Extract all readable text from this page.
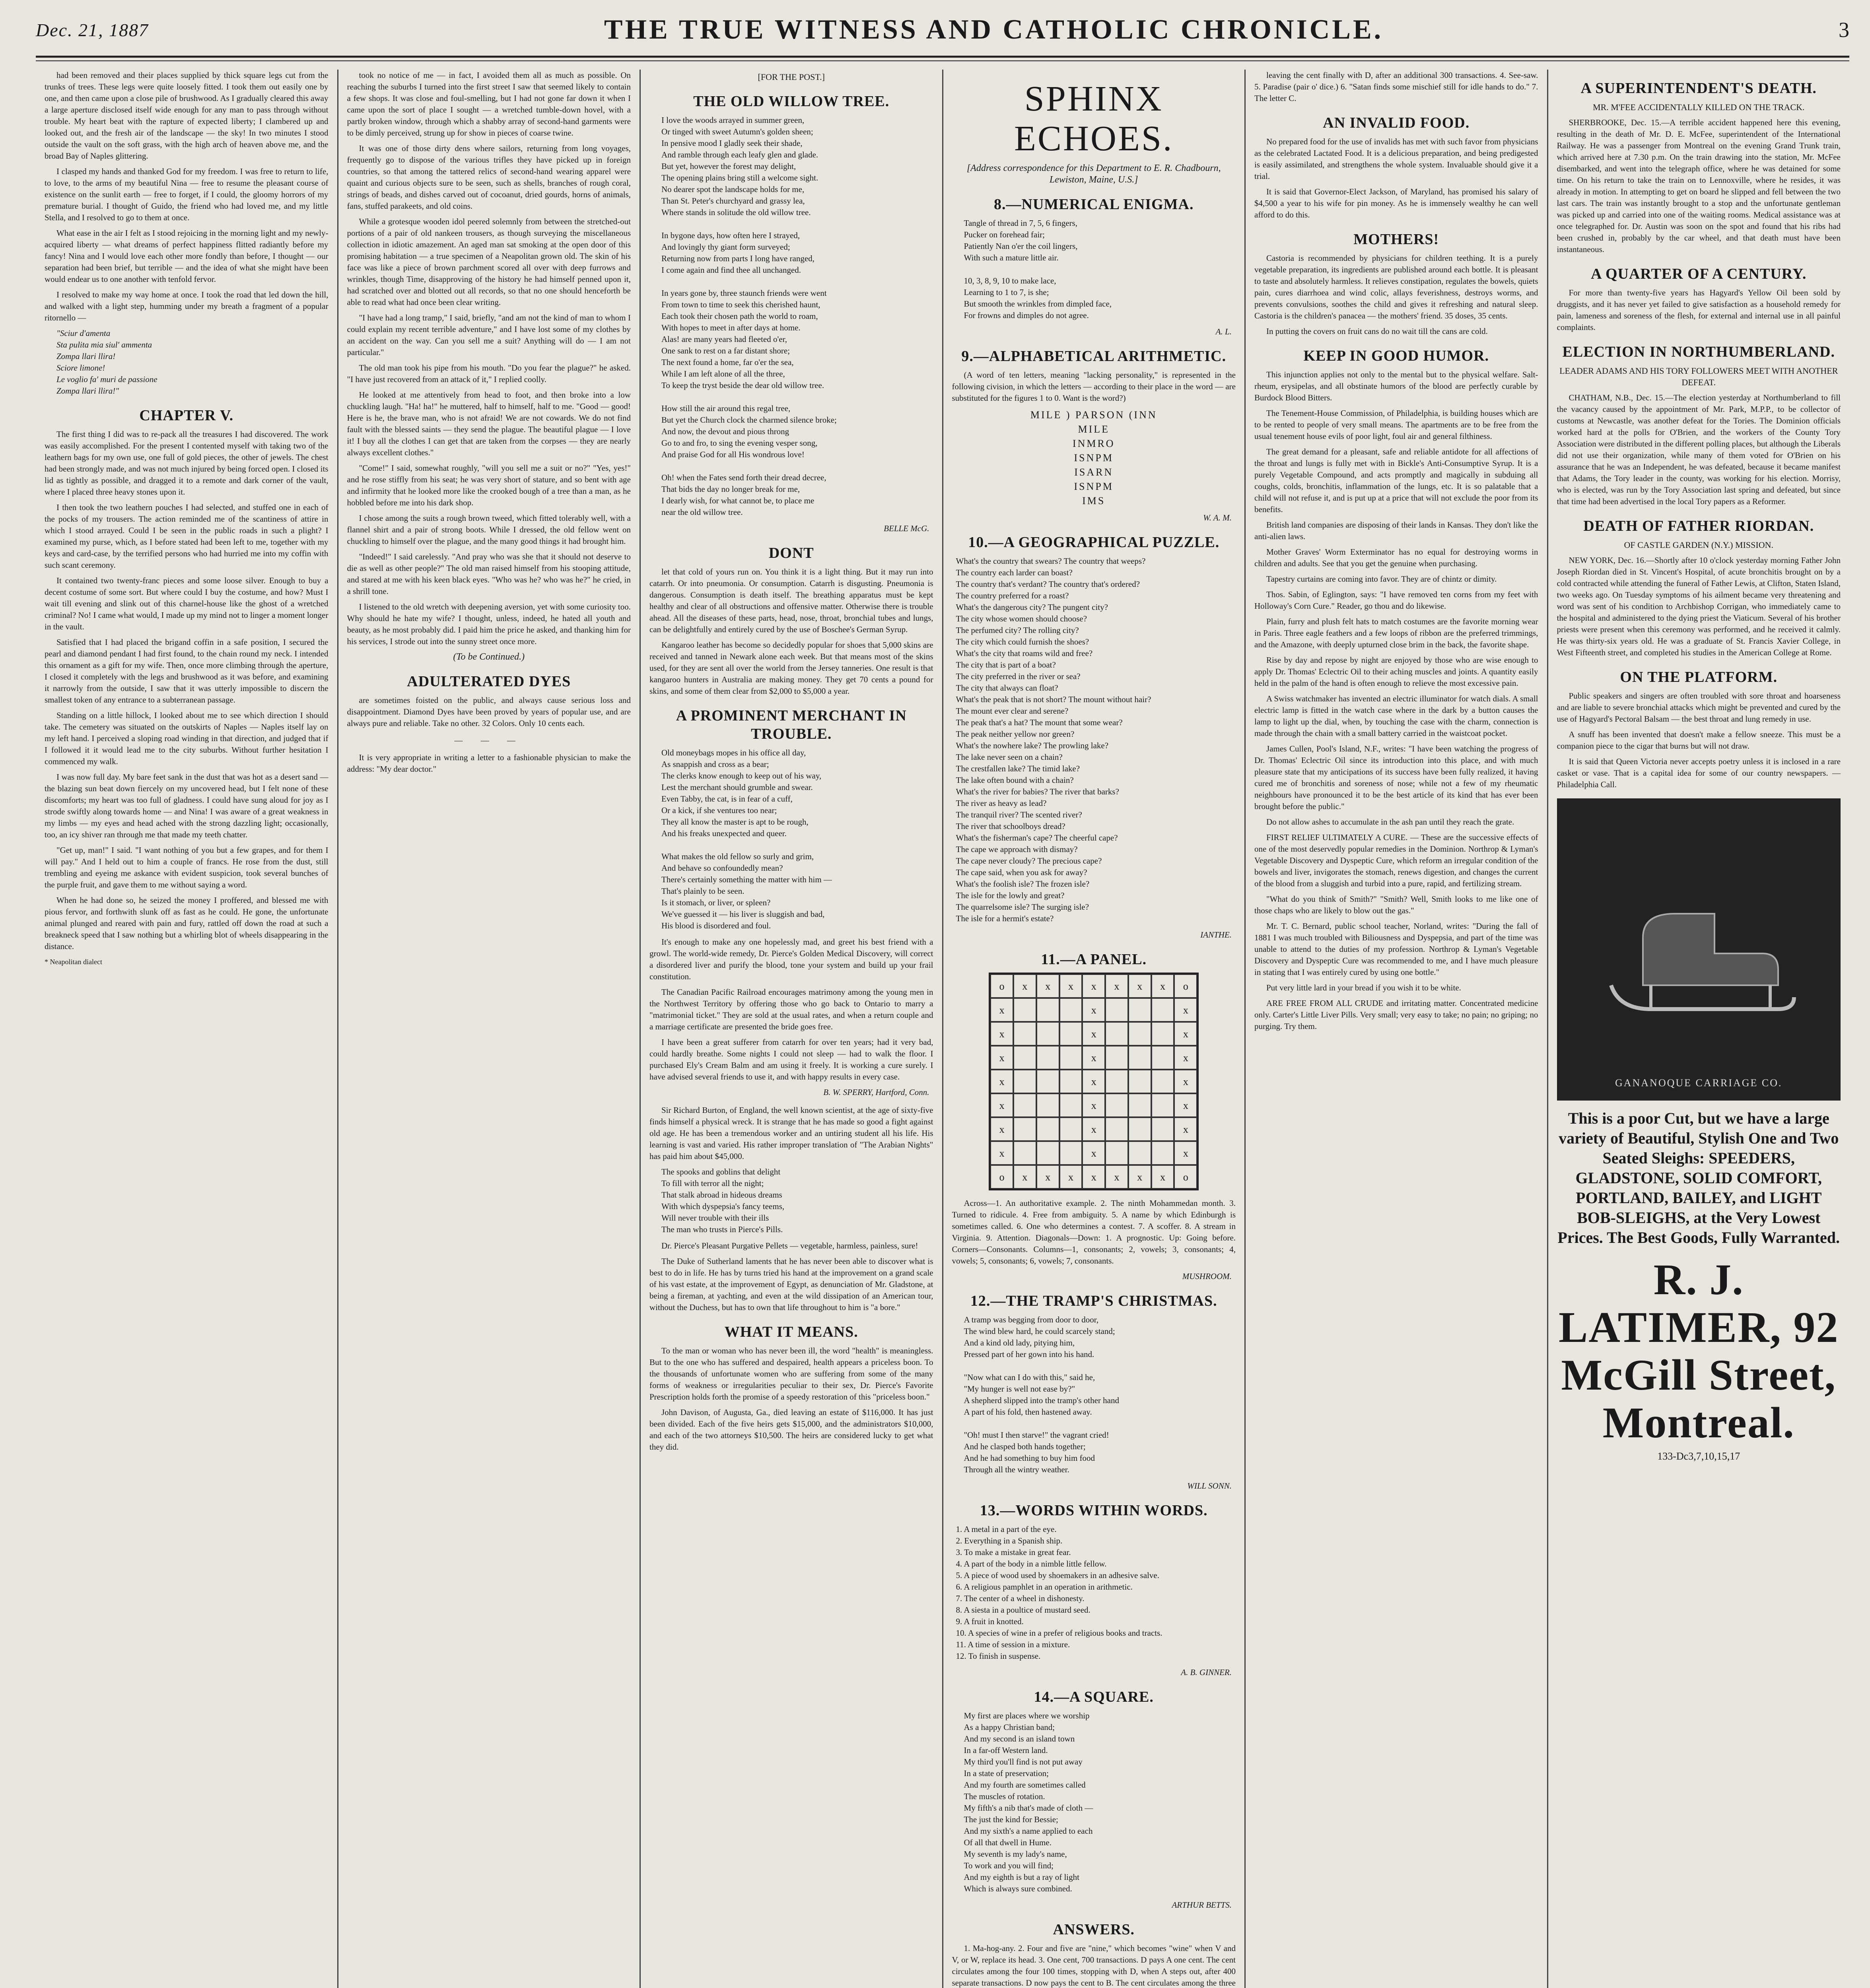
Dec. 21, 1887	THE TRUE WITNESS AND CATHOLIC CHRONICLE.	3

had been removed and their places supplied by thick square legs cut from the trunks of trees. These legs were quite loosely fitted. I took them out easily one by one, and then came upon a close pile of brushwood. As I gradually cleared this away a large aperture disclosed itself wide enough for any man to pass through without trouble. My heart beat with the rapture of expected liberty; I clambered up and looked out, and the fresh air of the landscape — the sky! In two minutes I stood outside the vault on the soft grass, with the high arch of heaven above me, and the broad Bay of Naples glittering.

I clasped my hands and thanked God for my freedom. I was free to return to life, to love, to the arms of my beautiful Nina — free to resume the pleasant course of existence on the sunlit earth — free to forget, if I could, the gloomy horrors of my premature burial. I thought of Guido, the friend who had loved me, and my little Stella, and I resolved to go to them at once.

What ease in the air I felt as I stood rejoicing in the morning light and my newly-acquired liberty — what dreams of perfect happiness flitted radiantly before my fancy! Nina and I would love each other more fondly than before, I thought — our separation had been brief, but terrible — and the idea of what she might have been would endear us to one another with tenfold fervor.

I resolved to make my way home at once. I took the road that led down the hill, and walked with a light step, humming under my breath a fragment of a popular ritornello —

"Sciur d'amenta
Sta pulita mia siul' ammenta
Zompa llari llira!
Sciore limone!
Le voglio fa' muri de passione
Zompa llari llira!"

CHAPTER V.

The first thing I did was to re-pack all the treasures I had discovered. The work was easily accomplished. For the present I contented myself with taking two of the leathern bags for my own use, one full of gold pieces, the other of jewels. The chest had been strongly made, and was not much injured by being forced open. I closed its lid as tightly as possible, and dragged it to a remote and dark corner of the vault, where I placed three heavy stones upon it.

I then took the two leathern pouches I had selected, and stuffed one in each of the pocks of my trousers. The action reminded me of the scantiness of attire in which I stood arrayed. Could I be seen in the public roads in such a plight? I examined my purse, which, as I before stated had been left to me, together with my keys and card-case, by the terrified persons who had hurried me into my coffin with such scant ceremony.

It contained two twenty-franc pieces and some loose silver. Enough to buy a decent costume of some sort. But where could I buy the costume, and how? Must I wait till evening and slink out of this charnel-house like the ghost of a wretched criminal? No! I came what would, I made up my mind not to linger a moment longer in the vault.

Satisfied that I had placed the brigand coffin in a safe position, I secured the pearl and diamond pendant I had first found, to the chain round my neck. I intended this ornament as a gift for my wife. Then, once more climbing through the aperture, I closed it completely with the legs and brushwood as it was before, and examining it narrowly from the outside, I saw that it was utterly impossible to discern the smallest token of any entrance to a subterranean passage.

Standing on a little hillock, I looked about me to see which direction I should take. The cemetery was situated on the outskirts of Naples — Naples itself lay on my left hand. I perceived a sloping road winding in that direction, and judged that if I followed it it would lead me to the city suburbs. Without further hesitation I commenced my walk.

I was now full day. My bare feet sank in the dust that was hot as a desert sand — the blazing sun beat down fiercely on my uncovered head, but I felt none of these discomforts; my heart was too full of gladness. I could have sung aloud for joy as I strode swiftly along towards home — and Nina! I was aware of a great weakness in my limbs — my eyes and head ached with the strong dazzling light; occasionally, too, an icy shiver ran through me that made my teeth chatter.

"Get up, man!" I said. "I want nothing of you but a few grapes, and for them I will pay." And I held out to him a couple of francs. He rose from the dust, still trembling and eyeing me askance with evident suspicion, took several bunches of the purple fruit, and gave them to me without saying a word.

When he had done so, he seized the money I proffered, and blessed me with pious fervor, and forthwith slunk off as fast as he could. He gone, the unfortunate animal plunged and reared with pain and fury, rattled off down the road at such a breakneck speed that I saw nothing but a whirling blot of wheels disappearing in the distance.

* Neapolitan dialect

took no notice of me — in fact, I avoided them all as much as possible. On reaching the suburbs I turned into the first street I saw that seemed likely to contain a few shops. It was close and foul-smelling, but I had not gone far down it when I came upon the sort of place I sought — a wretched tumble-down hovel, with a partly broken window, through which a shabby array of second-hand garments were to be dimly perceived, strung up for show in pieces of coarse twine.

It was one of those dirty dens where sailors, returning from long voyages, frequently go to dispose of the various trifles they have picked up in foreign countries, so that among the tattered relics of second-hand wearing apparel were quaint and curious objects sure to be seen, such as shells, branches of rough coral, strings of beads, and dishes carved out of cocoanut, dried gourds, horns of animals, fans, stuffed parakeets, and old coins.

While a grotesque wooden idol peered solemnly from between the stretched-out portions of a pair of old nankeen trousers, as though surveying the miscellaneous collection in idiotic amazement. An aged man sat smoking at the open door of this promising habitation — a true specimen of a Neapolitan grown old. The skin of his face was like a piece of brown parchment scored all over with deep furrows and wrinkles, though Time, disapproving of the history he had himself penned upon it, had scratched over and blotted out all records, so that no one should henceforth be able to read what had once been clear writing.

"I have had a long tramp," I said, briefly, "and am not the kind of man to whom I could explain my recent terrible adventure," and I have lost some of my clothes by an accident on the way. Can you sell me a suit? Anything will do — I am not particular."

The old man took his pipe from his mouth. "Do you fear the plague?" he asked. "I have just recovered from an attack of it," I replied coolly.

He looked at me attentively from head to foot, and then broke into a low chuckling laugh. "Ha! ha!" he muttered, half to himself, half to me. "Good — good! Here is he, the brave man, who is not afraid! We are not cowards. We do not find fault with the blessed saints — they send the plague. The beautiful plague — I love it! I buy all the clothes I can get that are taken from the corpses — they are nearly always excellent clothes."

"Come!" I said, somewhat roughly, "will you sell me a suit or no?" "Yes, yes!" and he rose stiffly from his seat; he was very short of stature, and so bent with age and infirmity that he looked more like the crooked bough of a tree than a man, as he hobbled before me into his dark shop.

I chose among the suits a rough brown tweed, which fitted tolerably well, with a flannel shirt and a pair of strong boots. While I dressed, the old fellow went on chuckling to himself over the plague, and the many good things it had brought him.

"Indeed!" I said carelessly. "And pray who was she that it should not deserve to die as well as other people?" The old man raised himself from his stooping attitude, and stared at me with his keen black eyes. "Who was he? who was he?" he cried, in a shrill tone.

I listened to the old wretch with deepening aversion, yet with some curiosity too. Why should he hate my wife? I thought, unless, indeed, he hated all youth and beauty, as he most probably did. I paid him the price he asked, and thanking him for his services, I strode out into the sunny street once more.

(To be Continued.)
ADULTERATED DYES

are sometimes foisted on the public, and always cause serious loss and disappointment. Diamond Dyes have been proved by years of popular use, and are always pure and reliable. Take no other. 32 Colors. Only 10 cents each.

— — —

It is very appropriate in writing a letter to a fashionable physician to make the address: "My dear doctor."

[FOR THE POST.]
THE OLD WILLOW TREE.

I love the woods arrayed in summer green,
Or tinged with sweet Autumn's golden sheen;
In pensive mood I gladly seek their shade,
And ramble through each leafy glen and glade.
But yet, however the forest may delight,
The opening plains bring still a welcome sight.
No dearer spot the landscape holds for me,
Than St. Peter's churchyard and grassy lea,
Where stands in solitude the old willow tree.

In bygone days, how often here I strayed,
And lovingly thy giant form surveyed;
Returning now from parts I long have ranged,
I come again and find thee all unchanged.

In years gone by, three staunch friends were went
From town to time to seek this cherished haunt,
Each took their chosen path the world to roam,
With hopes to meet in after days at home.
Alas! are many years had fleeted o'er,
One sank to rest on a far distant shore;
The next found a home, far o'er the sea,
While I am left alone of all the three,
To keep the tryst beside the dear old willow tree.

How still the air around this regal tree,
But yet the Church clock the charmed silence broke;
And now, the devout and pious throng
Go to and fro, to sing the evening vesper song,
And praise God for all His wondrous love!

Oh! when the Fates send forth their dread decree,
That bids the day no longer break for me,
I dearly wish, for what cannot be, to place me
near the old willow tree.

BELLE McG.

DONT

let that cold of yours run on. You think it is a light thing. But it may run into catarrh. Or into pneumonia. Or consumption. Catarrh is disgusting. Pneumonia is dangerous. Consumption is death itself. The breathing apparatus must be kept healthy and clear of all obstructions and offensive matter. Otherwise there is trouble ahead. All the diseases of these parts, head, nose, throat, bronchial tubes and lungs, can be delightfully and entirely cured by the use of Boschee's German Syrup.

Kangaroo leather has become so decidedly popular for shoes that 5,000 skins are received and tanned in Newark alone each week. But that means most of the skins used, for they are sent all over the world from the Jersey tanneries. One result is that kangaroo hunters in Australia are making money. They get 70 cents a pound for skins, and some of them clear from $2,000 to $5,000 a year.

A PROMINENT MERCHANT IN TROUBLE.

Old moneybags mopes in his office all day,
As snappish and cross as a bear;
The clerks know enough to keep out of his way,
Lest the merchant should grumble and swear.
Even Tabby, the cat, is in fear of a cuff,
Or a kick, if she ventures too near;
They all know the master is apt to be rough,
And his freaks unexpected and queer.

What makes the old fellow so surly and grim,
And behave so confoundedly mean?
There's certainly something the matter with him —
That's plainly to be seen.
Is it stomach, or liver, or spleen?
We've guessed it — his liver is sluggish and bad,
His blood is disordered and foul.

It's enough to make any one hopelessly mad, and greet his best friend with a growl. The world-wide remedy, Dr. Pierce's Golden Medical Discovery, will correct a disordered liver and purify the blood, tone your system and build up your frail constitution.

The Canadian Pacific Railroad encourages matrimony among the young men in the Northwest Territory by offering those who go back to Ontario to marry a "matrimonial ticket." They are sold at the usual rates, and when a return couple and a marriage certificate are presented the bride goes free.

I have been a great sufferer from catarrh for over ten years; had it very bad, could hardly breathe. Some nights I could not sleep — had to walk the floor. I purchased Ely's Cream Balm and am using it freely. It is working a cure surely. I have advised several friends to use it, and with happy results in every case.

B. W. SPERRY, Hartford, Conn.

Sir Richard Burton, of England, the well known scientist, at the age of sixty-five finds himself a physical wreck. It is strange that he has made so good a fight against old age. He has been a tremendous worker and an untiring student all his life. His learning is vast and varied. His rather improper translation of "The Arabian Nights" has paid him about $45,000.

The spooks and goblins that delight
To fill with terror all the night;
That stalk abroad in hideous dreams
With which dyspepsia's fancy teems,
Will never trouble with their ills
The man who trusts in Pierce's Pills.

Dr. Pierce's Pleasant Purgative Pellets — vegetable, harmless, painless, sure!

The Duke of Sutherland laments that he has never been able to discover what is best to do in life. He has by turns tried his hand at the improvement on a grand scale of his vast estate, at the improvement of Egypt, as denunciation of Mr. Gladstone, at being a fireman, at yachting, and even at the wild dissipation of an American tour, without the Duchess, but has to own that life throughout to him is "a bore."

WHAT IT MEANS.

To the man or woman who has never been ill, the word "health" is meaningless. But to the one who has suffered and despaired, health appears a priceless boon. To the thousands of unfortunate women who are suffering from some of the many forms of weakness or irregularities peculiar to their sex, Dr. Pierce's Favorite Prescription holds forth the promise of a speedy restoration of this "priceless boon."

John Davison, of Augusta, Ga., died leaving an estate of $116,000. It has just been divided. Each of the five heirs gets $15,000, and the administrators $10,000, and each of the two attorneys $10,500. The heirs are considered lucky to get what they did.

SPHINX ECHOES.
[Address correspondence for this Department to E. R. Chadbourn, Lewiston, Maine, U.S.]
8.—NUMERICAL ENIGMA.

Tangle of thread in 7, 5, 6 fingers,
Pucker on forehead fair;
Patiently Nan o'er the coil lingers,
With such a mature little air.

10, 3, 8, 9, 10 to make lace,
Learning to 1 to 7, is she;
But smooth the wrinkles from dimpled face,
For frowns and dimples do not agree.

A. L.

9.—ALPHABETICAL ARITHMETIC.

(A word of ten letters, meaning "lacking personality," is represented in the following civision, in which the letters — according to their place in the word — are substituted for the figures 1 to 0. Want is the word?)

MILE ) PARSON (INN
MILE
INMRO
ISNPM
ISARN
ISNPM
IMS

W. A. M.

10.—A GEOGRAPHICAL PUZZLE.

What's the country that swears? The country that weeps?
The country each larder can boast?
The country that's verdant? The country that's ordered?
The country preferred for a roast?
What's the dangerous city? The pungent city?
The city whose women should choose?
The perfumed city? The rolling city?
The city which could furnish the shoes?
What's the city that roams wild and free?
The city that is part of a boat?
The city preferred in the river or sea?
The city that always can float?
What's the peak that is not short? The mount without hair?
The mount ever clear and serene?
The peak that's a hat? The mount that some wear?
The peak neither yellow nor green?
What's the nowhere lake? The prowling lake?
The lake never seen on a chain?
The crestfallen lake? The timid lake?
The lake often bound with a chain?
What's the river for babies? The river that barks?
The river as heavy as lead?
The tranquil river? The scented river?
The river that schoolboys dread?
What's the fisherman's cape? The cheerful cape?
The cape we approach with dismay?
The cape never cloudy? The precious cape?
The cape said, when you ask for away?
What's the foolish isle? The frozen isle?
The isle for the lowly and great?
The quarrelsome isle? The surging isle?
The isle for a hermit's estate?

IANTHE.

11.—A PANEL.
o	x	x	x	x	x	x	x	o
x	x	x
x	x	x
x	x	x
x	x	x
x	x	x
x	x	x
x	x	x
o	x	x	x	x	x	x	x	o

Across—1. An authoritative example. 2. The ninth Mohammedan month. 3. Turned to ridicule. 4. Free from ambiguity. 5. A name by which Edinburgh is sometimes called. 6. One who determines a contest. 7. A scoffer. 8. A stream in Virginia. 9. Attention. Diagonals—Down: 1. A prognostic. Up: Going before. Corners—Consonants. Columns—1, consonants; 2, vowels; 3, consonants; 4, vowels; 5, consonants; 6, vowels; 7, consonants.

MUSHROOM.

12.—THE TRAMP'S CHRISTMAS.

A tramp was begging from door to door,
The wind blew hard, he could scarcely stand;
And a kind old lady, pitying him,
Pressed part of her gown into his hand.

"Now what can I do with this," said he,
"My hunger is well not ease by?"
A shepherd slipped into the tramp's other hand
A part of his fold, then hastened away.

"Oh! must I then starve!" the vagrant cried!
And he clasped both hands together;
And he had something to buy him food
Through all the wintry weather.

WILL SONN.

13.—WORDS WITHIN WORDS.

1. A metal in a part of the eye.
2. Everything in a Spanish ship.
3. To make a mistake in great fear.
4. A part of the body in a nimble little fellow.
5. A piece of wood used by shoemakers in an adhesive salve.
6. A religious pamphlet in an operation in arithmetic.
7. The center of a wheel in dishonesty.
8. A siesta in a poultice of mustard seed.
9. A fruit in knotted.
10. A species of wine in a prefer of religious books and tracts.
11. A time of session in a mixture.
12. To finish in suspense.

A. B. GINNER.

14.—A SQUARE.

My first are places where we worship
As a happy Christian band;
And my second is an island town
In a far-off Western land.
My third you'll find is not put away
In a state of preservation;
And my fourth are sometimes called
The muscles of rotation.
My fifth's a nib that's made of cloth —
The just the kind for Bessie;
And my sixth's a name applied to each
Of all that dwell in Hume.
My seventh is my lady's name,
To work and you will find;
And my eighth is but a ray of light
Which is always sure combined.

ARTHUR BETTS.

ANSWERS.

1. Ma-hog-any. 2. Four and five are "nine," which becomes "wine" when V and V, or W, replace its head. 3. One cent, 700 transactions. D pays A one cent. The cent circulates among the four 100 times, stopping with D, when A steps out, after 400 separate transactions. D now pays the cent to B. The cent circulates among the three

leaving the cent finally with D, after an additional 300 transactions. 4. See-saw. 5. Paradise (pair o' dice.) 6. "Satan finds some mischief still for idle hands to do." 7. The letter C.

AN INVALID FOOD.

No prepared food for the use of invalids has met with such favor from physicians as the celebrated Lactated Food. It is a delicious preparation, and being predigested is easily assimilated, and strengthens the whole system. Invaluable should give it a trial.

It is said that Governor-Elect Jackson, of Maryland, has promised his salary of $4,500 a year to his wife for pin money. As he is immensely wealthy he can well afford to do this.

MOTHERS!

Castoria is recommended by physicians for children teething. It is a purely vegetable preparation, its ingredients are published around each bottle. It is pleasant to taste and absolutely harmless. It relieves constipation, regulates the bowels, quiets pain, cures diarrhoea and wind colic, allays feverishness, destroys worms, and prevents convulsions, soothes the child and gives it refreshing and natural sleep. Castoria is the children's panacea — the mothers' friend. 35 doses, 35 cents.

In putting the covers on fruit cans do no wait till the cans are cold.

KEEP IN GOOD HUMOR.

This injunction applies not only to the mental but to the physical welfare. Salt-rheum, erysipelas, and all obstinate humors of the blood are perfectly curable by Burdock Blood Bitters.

The Tenement-House Commission, of Philadelphia, is building houses which are to be rented to people of very small means. The apartments are to be free from the usual tenement house evils of poor light, foul air and general filthiness.

The great demand for a pleasant, safe and reliable antidote for all affections of the throat and lungs is fully met with in Bickle's Anti-Consumptive Syrup. It is a purely Vegetable Compound, and acts promptly and magically in subduing all coughs, colds, bronchitis, inflammation of the lungs, etc. It is so palatable that a child will not refuse it, and is put up at a price that will not exclude the poor from its benefits.

British land companies are disposing of their lands in Kansas. They don't like the anti-alien laws.

Mother Graves' Worm Exterminator has no equal for destroying worms in children and adults. See that you get the genuine when purchasing.

Tapestry curtains are coming into favor. They are of chintz or dimity.

Thos. Sabin, of Eglington, says: "I have removed ten corns from my feet with Holloway's Corn Cure." Reader, go thou and do likewise.

Plain, furry and plush felt hats to match costumes are the favorite morning wear in Paris. Three eagle feathers and a few loops of ribbon are the preferred trimmings, and the Amazone, with deeply upturned close brim in the back, the favorite shape.

Rise by day and repose by night are enjoyed by those who are wise enough to apply Dr. Thomas' Eclectric Oil to their aching muscles and joints. A quantity easily held in the palm of the hand is often enough to relieve the most excessive pain.

A Swiss watchmaker has invented an electric illuminator for watch dials. A small electric lamp is fitted in the watch case where in the dark by a button causes the lamp to light up the dial, when, by touching the case with the charm, connection is made through the chain with a small battery carried in the waistcoat pocket.

James Cullen, Pool's Island, N.F., writes: "I have been watching the progress of Dr. Thomas' Eclectric Oil since its introduction into this place, and with much pleasure state that my anticipations of its success have been fully realized, it having cured me of bronchitis and soreness of nose; while not a few of my rheumatic neighbours have pronounced it to be the best article of its kind that has ever been brought before the public."

Do not allow ashes to accumulate in the ash pan until they reach the grate.

FIRST RELIEF ULTIMATELY A CURE. — These are the successive effects of one of the most deservedly popular remedies in the Dominion. Northrop & Lyman's Vegetable Discovery and Dyspeptic Cure, which reform an irregular condition of the bowels and liver, invigorates the stomach, renews digestion, and changes the current of the blood from a sluggish and turbid into a pure, rapid, and fertilizing stream.

"What do you think of Smith?" "Smith? Well, Smith looks to me like one of those chaps who are likely to blow out the gas."

Mr. T. C. Bernard, public school teacher, Norland, writes: "During the fall of 1881 I was much troubled with Biliousness and Dyspepsia, and part of the time was unable to attend to the duties of my profession. Northrop & Lyman's Vegetable Discovery and Dyspeptic Cure was recommended to me, and I have much pleasure in stating that I was entirely cured by using one bottle."

Put very little lard in your bread if you wish it to be white.

ARE FREE FROM ALL CRUDE and irritating matter. Concentrated medicine only. Carter's Little Liver Pills. Very small; very easy to take; no pain; no griping; no purging. Try them.

A SUPERINTENDENT'S DEATH.
MR. M'FEE ACCIDENTALLY KILLED ON THE TRACK.

SHERBROOKE, Dec. 15.—A terrible accident happened here this evening, resulting in the death of Mr. D. E. McFee, superintendent of the International Railway. He was a passenger from Montreal on the evening Grand Trunk train, which arrived here at 7.30 p.m. On the train drawing into the station, Mr. McFee disembarked, and went into the telegraph office, where he was detained for some time. On his return to take the train on to Lennoxville, where he resides, it was already in motion. In attempting to get on board he slipped and fell between the two last cars. The train was instantly brought to a stop and the unfortunate gentleman was picked up and carried into one of the waiting rooms. Medical assistance was at once telegraphed for. Dr. Austin was soon on the spot and found that his ribs had been crushed in, probably by the car wheel, and that death must have been instantaneous.

A QUARTER OF A CENTURY.

For more than twenty-five years has Hagyard's Yellow Oil been sold by druggists, and it has never yet failed to give satisfaction as a household remedy for pain, lameness and soreness of the flesh, for external and internal use in all painful complaints.

ELECTION IN NORTHUMBERLAND.
LEADER ADAMS AND HIS TORY FOLLOWERS MEET WITH ANOTHER DEFEAT.

CHATHAM, N.B., Dec. 15.—The election yesterday at Northumberland to fill the vacancy caused by the appointment of Mr. Park, M.P.P., to be collector of customs at Newcastle, was another defeat for the Tories. The Dominion officials worked hard at the polls for O'Brien, and the workers of the County Tory Association were distributed in the different polling places, but although the Liberals did not use their organization, while many of them voted for O'Brien on his assurance that he was an Independent, he was defeated, because it became manifest that Adams, the Tory leader in the county, was working for his election. Morrisy, who is elected, was run by the Tory Association last spring and defeated, but since that time had been advertised in the local Tory papers as a Reformer.

DEATH OF FATHER RIORDAN.
OF CASTLE GARDEN (N.Y.) MISSION.

NEW YORK, Dec. 16.—Shortly after 10 o'clock yesterday morning Father John Joseph Riordan died in St. Vincent's Hospital, of acute bronchitis brought on by a cold contracted while attending the funeral of Father Lewis, at Clifton, Staten Island, two weeks ago. On Tuesday symptoms of his ailment became very threatening and word was sent of his condition to Archbishop Corrigan, who immediately came to the hospital and administered to the dying priest the Viaticum. Several of his brother priests were present when this ceremony was performed, and he received it calmly. He was thirty-six years old. He was a graduate of St. Francis Xavier College, in West Fifteenth street, and completed his studies in the American College at Rome.

ON THE PLATFORM.

Public speakers and singers are often troubled with sore throat and hoarseness and are liable to severe bronchial attacks which might be prevented and cured by the use of Hagyard's Pectoral Balsam — the best throat and lung remedy in use.

A snuff has been invented that doesn't make a fellow sneeze. This must be a companion piece to the cigar that burns but will not draw.

It is said that Queen Victoria never accepts poetry unless it is inclosed in a rare casket or vase. That is a capital idea for some of our country newspapers. — Philadelphia Call.

GANANOQUE CARRIAGE CO.
This is a poor Cut, but we have a large variety of Beautiful, Stylish One and Two Seated Sleighs: SPEEDERS, GLADSTONE, SOLID COMFORT, PORTLAND, BAILEY, and LIGHT BOB-SLEIGHS, at the Very Lowest Prices. The Best Goods, Fully Warranted.
R. J. LATIMER, 92 McGill Street, Montreal.
133-Dc3,7,10,15,17
